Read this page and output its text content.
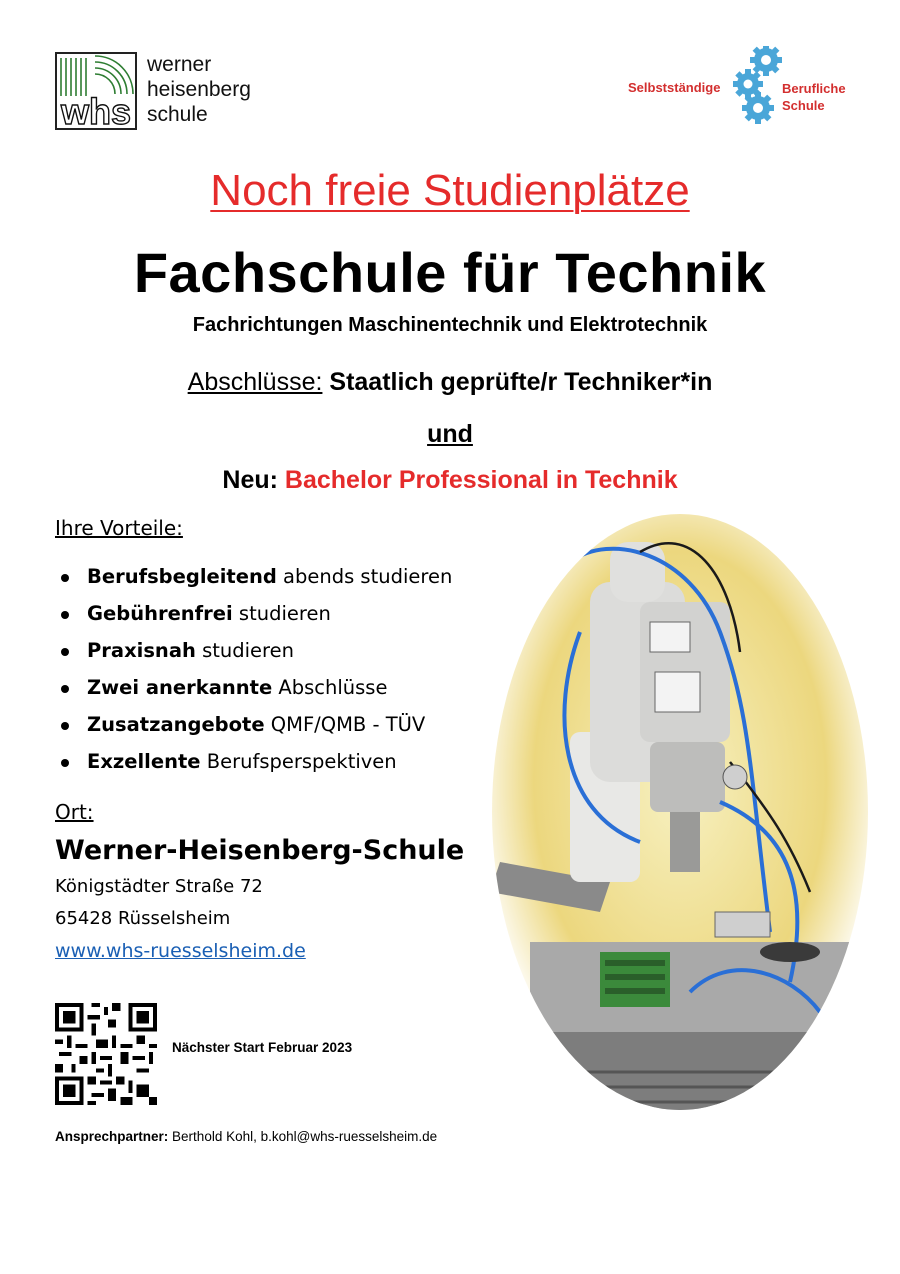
whs
werner
heisenberg
schule
Selbstständige	Berufliche
Schule
Noch freie Studienplätze
Fachschule für Technik
Fachrichtungen Maschinentechnik und Elektrotechnik
Abschlüsse: Staatlich geprüfte/r Techniker*in
und
Neu: Bachelor Professional in Technik
Ihre Vorteile:
Berufsbegleitend abends studieren
Gebührenfrei studieren
Praxisnah studieren
Zwei anerkannte Abschlüsse
Zusatzangebote QMF/QMB - TÜV
Exzellente Berufsperspektiven
Ort:
Werner-Heisenberg-Schule
Königstädter Straße 72
65428 Rüsselsheim
www.whs-ruesselsheim.de
Nächster Start Februar 2023
Ansprechpartner: Berthold Kohl, b.kohl@whs-ruesselsheim.de
